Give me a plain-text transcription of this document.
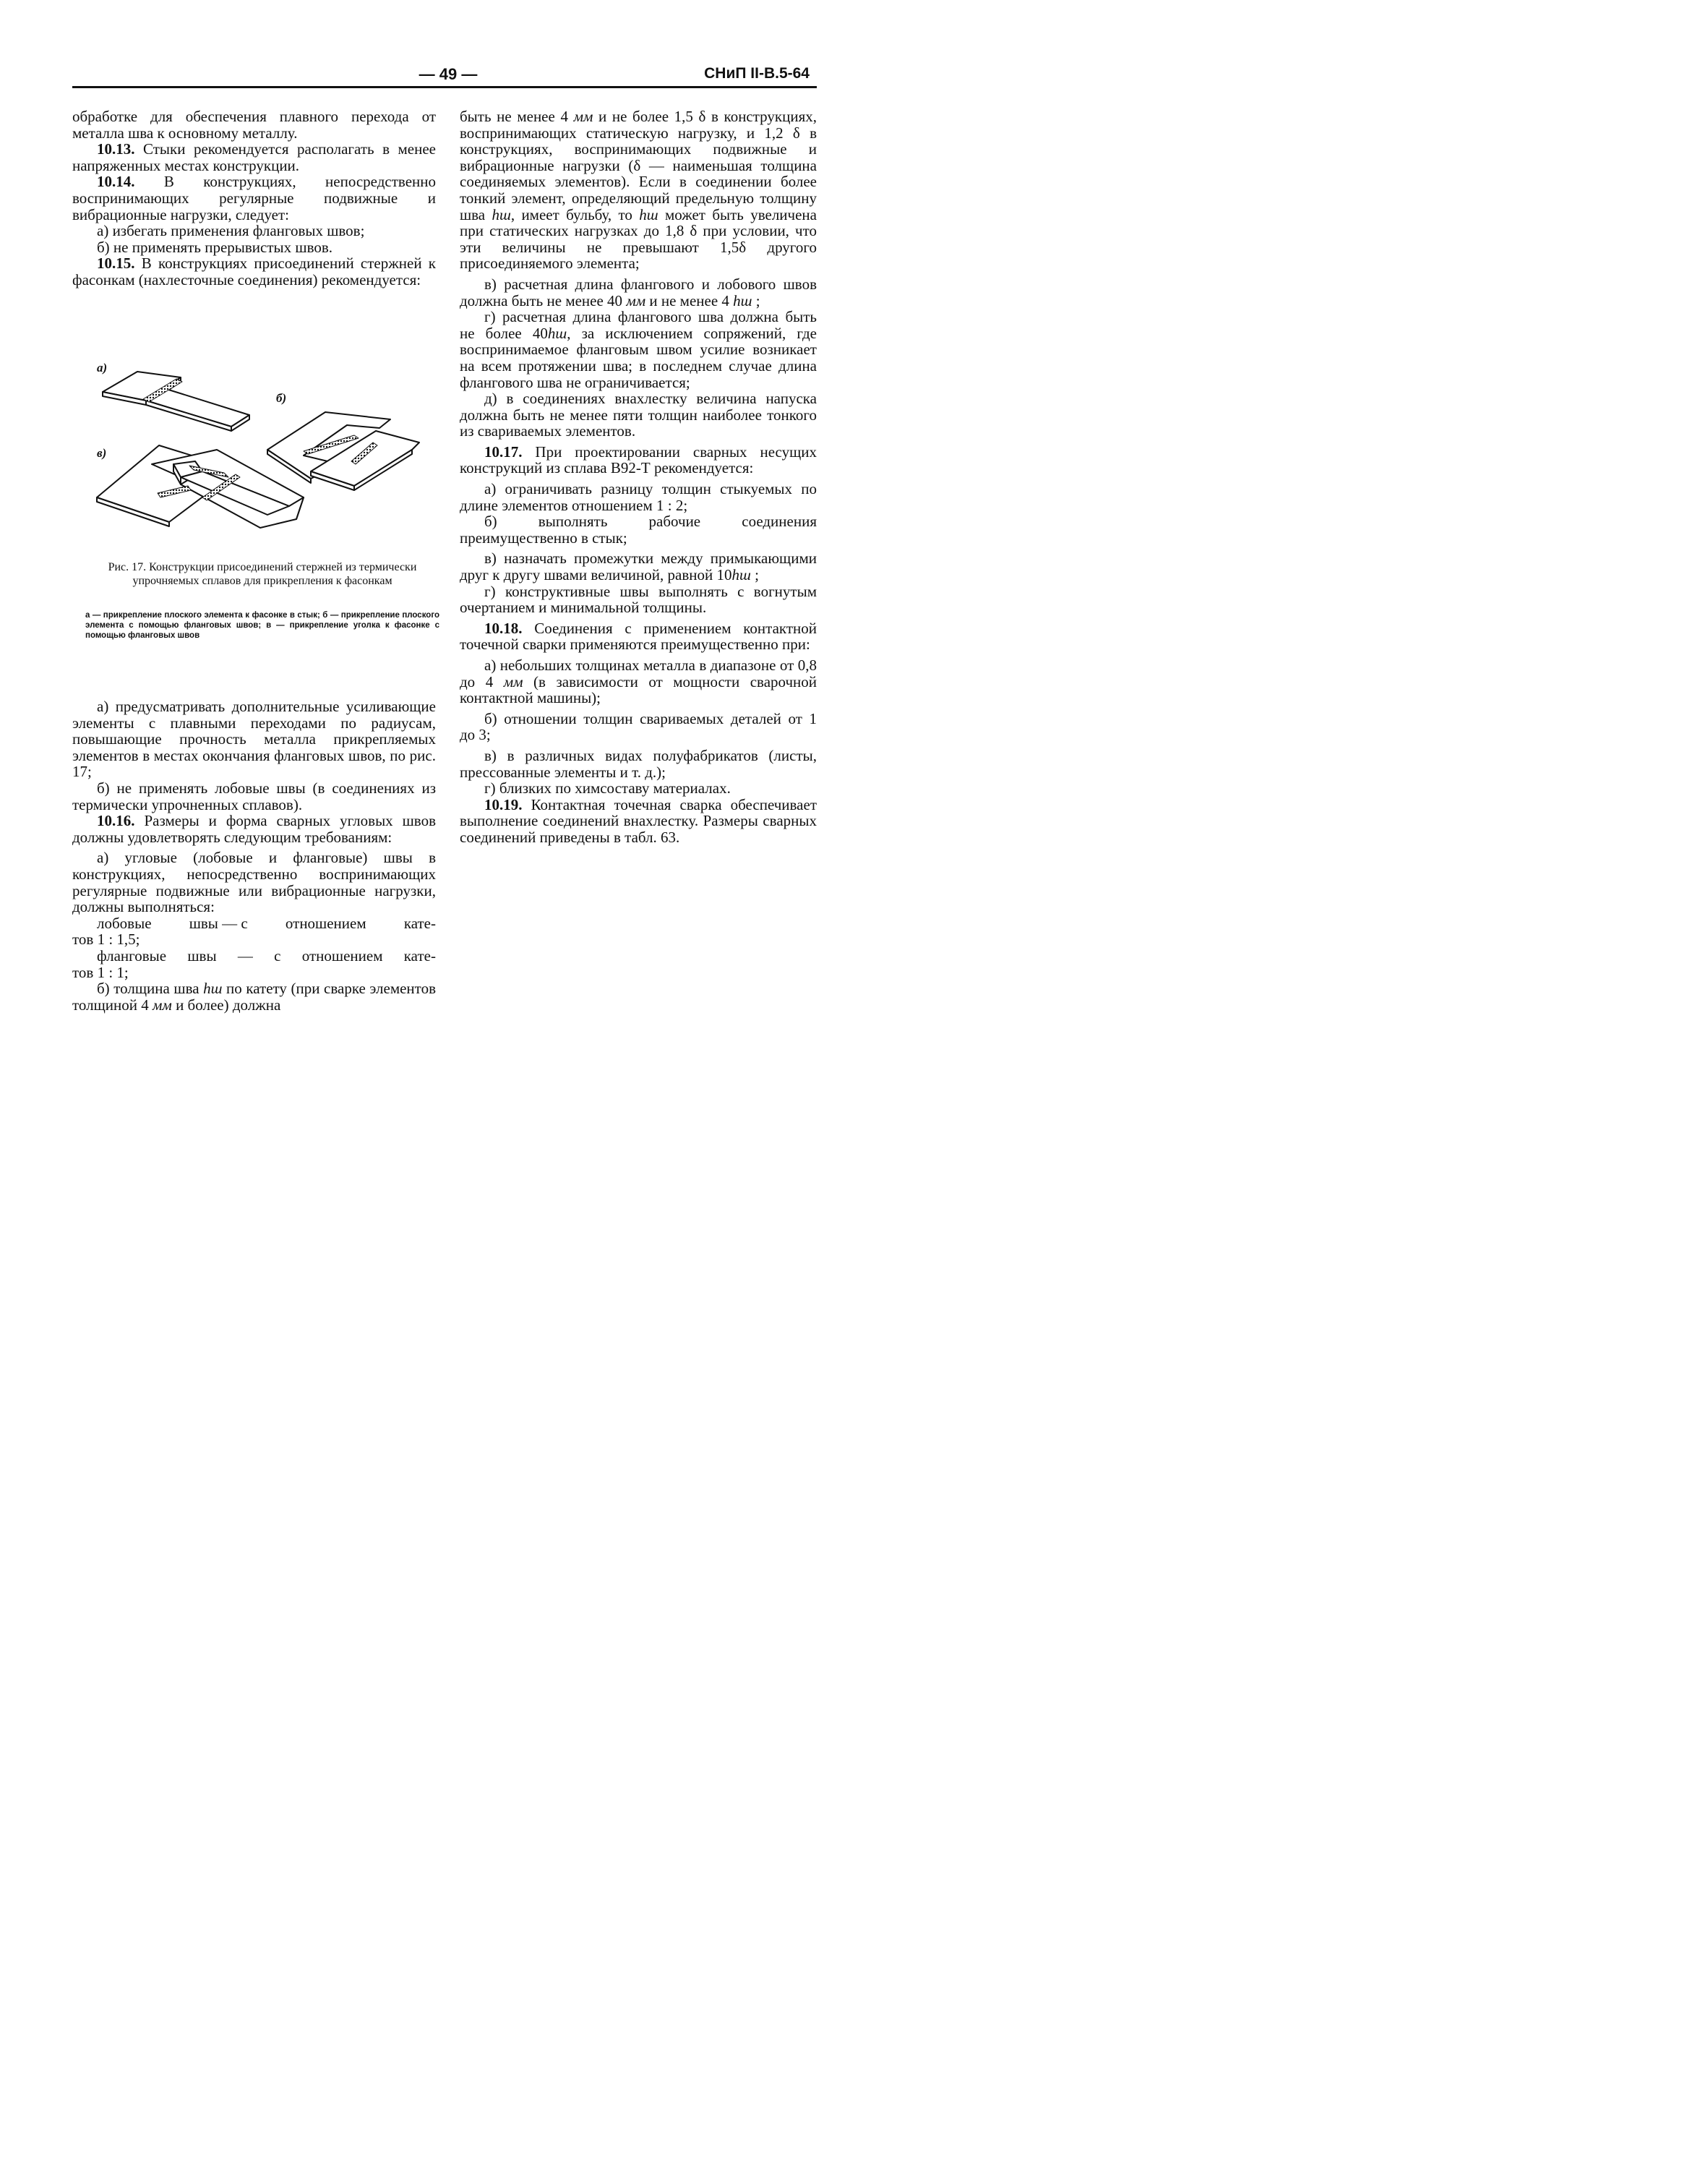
— 49 —	СНиП II-В.5-64

обработке для обеспечения плавного перехода от металла шва к основному металлу.

10.13. Стыки рекомендуется располагать в менее напряженных местах конструкции.

10.14. В конструкциях, непосредственно воспринимающих регулярные подвижные и вибрационные нагрузки, следует:

а) избегать применения фланговых швов;

б) не применять прерывистых швов.

10.15. В конструкциях присоединений стержней к фасонкам (нахлесточные соединения) рекомендуется:

а)
б)
в)
Рис. 17. Конструкции присоединений стержней из термически упрочняемых сплавов для прикрепления к фасонкам
а — прикрепление плоского элемента к фасонке в стык; б — прикрепление плоского элемента с помощью фланговых швов; в — прикрепление уголка к фасонке с помощью фланговых швов

а) предусматривать дополнительные усиливающие элементы с плавными переходами по радиусам, повышающие прочность металла прикрепляемых элементов в местах окончания фланговых швов, по рис. 17;

б) не применять лобовые швы (в соединениях из термически упрочненных сплавов).

10.16. Размеры и форма сварных угловых швов должны удовлетворять следующим требованиям:

а) угловые (лобовые и фланговые) швы в конструкциях, непосредственно воспринимающих регулярные подвижные или вибрационные нагрузки, должны выполняться:

лобовые швы — с отношением кате-

тов 1 : 1,5;

фланговые швы — с отношением кате-

тов 1 : 1;

б) толщина шва hш по катету (при сварке элементов толщиной 4 мм и более) должна

быть не менее 4 мм и не более 1,5 δ в конструкциях, воспринимающих статическую нагрузку, и 1,2 δ в конструкциях, воспринимающих подвижные и вибрационные нагрузки (δ — наименьшая толщина соединяемых элементов). Если в соединении более тонкий элемент, определяющий предельную толщину шва hш, имеет бульбу, то hш может быть увеличена при статических нагрузках до 1,8 δ при условии, что эти величины не превышают 1,5δ другого присоединяемого элемента;

в) расчетная длина флангового и лобового швов должна быть не менее 40 мм и не менее 4 hш ;

г) расчетная длина флангового шва должна быть не более 40hш, за исключением сопряжений, где воспринимаемое фланговым швом усилие возникает на всем протяжении шва; в последнем случае длина флангового шва не ограничивается;

д) в соединениях внахлестку величина напуска должна быть не менее пяти толщин наиболее тонкого из свариваемых элементов.

10.17. При проектировании сварных несущих конструкций из сплава В92-Т рекомендуется:

а) ограничивать разницу толщин стыкуемых по длине элементов отношением 1 : 2;

б) выполнять рабочие соединения преимущественно в стык;

в) назначать промежутки между примыкающими друг к другу швами величиной, равной 10hш ;

г) конструктивные швы выполнять с вогнутым очертанием и минимальной толщины.

10.18. Соединения с применением контактной точечной сварки применяются преимущественно при:

а) небольших толщинах металла в диапазоне от 0,8 до 4 мм (в зависимости от мощности сварочной контактной машины);

б) отношении толщин свариваемых деталей от 1 до 3;

в) в различных видах полуфабрикатов (листы, прессованные элементы и т. д.);

г) близких по химсоставу материалах.

10.19. Контактная точечная сварка обеспечивает выполнение соединений внахлестку. Размеры сварных соединений приведены в табл. 63.
